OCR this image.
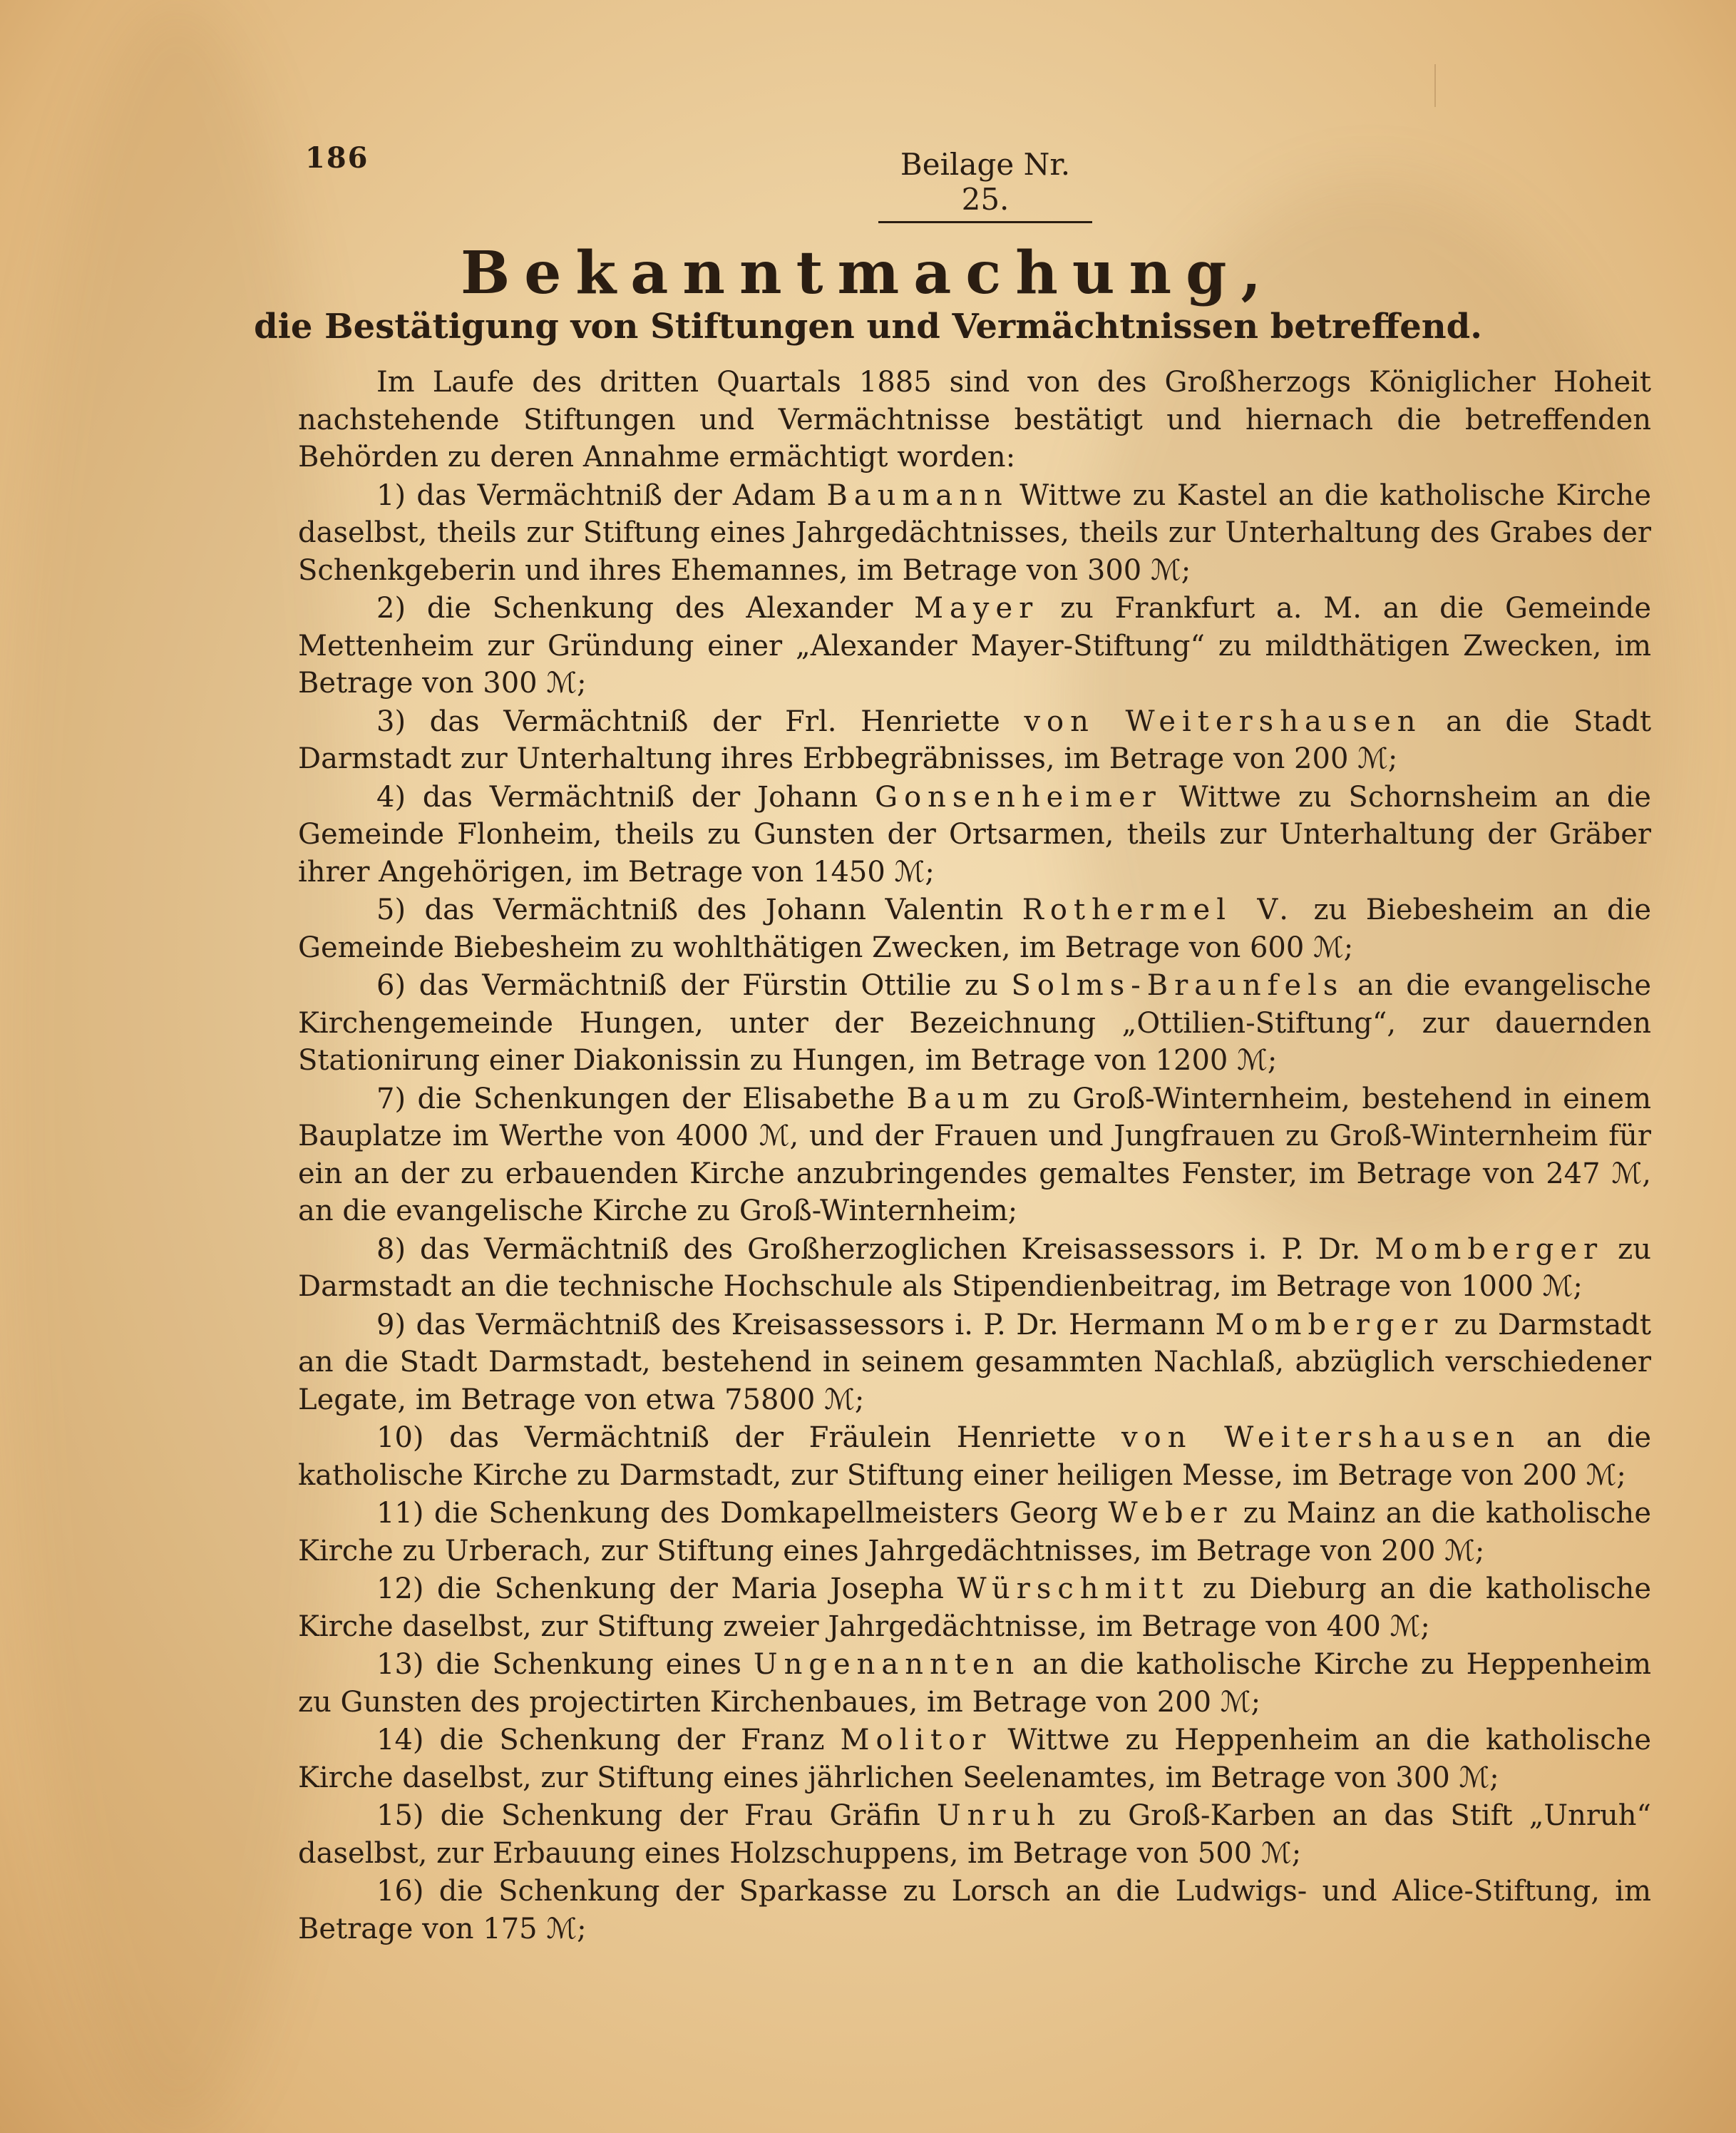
186	Beilage Nr. 25.
Bekanntmachung,
die Bestätigung von Stiftungen und Vermächtnissen betreffend.

Im Laufe des dritten Quartals 1885 sind von des Großherzogs Königlicher Hoheit nachstehende Stiftungen und Vermächtnisse bestätigt und hiernach die betreffenden Behörden zu deren Annahme ermächtigt worden:

1) das Vermächtniß der Adam Baumann Wittwe zu Kastel an die katholische Kirche daselbst, theils zur Stiftung eines Jahrgedächtnisses, theils zur Unterhaltung des Grabes der Schenkgeberin und ihres Ehemannes, im Betrage von 300 ℳ;

2) die Schenkung des Alexander Mayer zu Frankfurt a. M. an die Gemeinde Mettenheim zur Gründung einer „Alexander Mayer-Stiftung“ zu mildthätigen Zwecken, im Betrage von 300 ℳ;

3) das Vermächtniß der Frl. Henriette von Weitershausen an die Stadt Darmstadt zur Unterhaltung ihres Erbbegräbnisses, im Betrage von 200 ℳ;

4) das Vermächtniß der Johann Gonsenheimer Wittwe zu Schornsheim an die Gemeinde Flonheim, theils zu Gunsten der Ortsarmen, theils zur Unterhaltung der Gräber ihrer Angehörigen, im Betrage von 1450 ℳ;

5) das Vermächtniß des Johann Valentin Rothermel V. zu Biebesheim an die Gemeinde Biebesheim zu wohlthätigen Zwecken, im Betrage von 600 ℳ;

6) das Vermächtniß der Fürstin Ottilie zu Solms-Braunfels an die evangelische Kirchengemeinde Hungen, unter der Bezeichnung „Ottilien-Stiftung“, zur dauernden Stationirung einer Diakonissin zu Hungen, im Betrage von 1200 ℳ;

7) die Schenkungen der Elisabethe Baum zu Groß-Winternheim, bestehend in einem Bauplatze im Werthe von 4000 ℳ, und der Frauen und Jungfrauen zu Groß-Winternheim für ein an der zu erbauenden Kirche anzubringendes gemaltes Fenster, im Betrage von 247 ℳ, an die evangelische Kirche zu Groß-Winternheim;

8) das Vermächtniß des Großherzoglichen Kreisassessors i. P. Dr. Momberger zu Darmstadt an die technische Hochschule als Stipendienbeitrag, im Betrage von 1000 ℳ;

9) das Vermächtniß des Kreisassessors i. P. Dr. Hermann Momberger zu Darmstadt an die Stadt Darmstadt, bestehend in seinem gesammten Nachlaß, abzüglich verschiedener Legate, im Betrage von etwa 75800 ℳ;

10) das Vermächtniß der Fräulein Henriette von Weitershausen an die katholische Kirche zu Darmstadt, zur Stiftung einer heiligen Messe, im Betrage von 200 ℳ;

11) die Schenkung des Domkapellmeisters Georg Weber zu Mainz an die katholische Kirche zu Urberach, zur Stiftung eines Jahrgedächtnisses, im Betrage von 200 ℳ;

12) die Schenkung der Maria Josepha Würschmitt zu Dieburg an die katholische Kirche daselbst, zur Stiftung zweier Jahrgedächtnisse, im Betrage von 400 ℳ;

13) die Schenkung eines Ungenannten an die katholische Kirche zu Heppenheim zu Gunsten des projectirten Kirchenbaues, im Betrage von 200 ℳ;

14) die Schenkung der Franz Molitor Wittwe zu Heppenheim an die katholische Kirche daselbst, zur Stiftung eines jährlichen Seelenamtes, im Betrage von 300 ℳ;

15) die Schenkung der Frau Gräfin Unruh zu Groß-Karben an das Stift „Unruh“ daselbst, zur Erbauung eines Holzschuppens, im Betrage von 500 ℳ;

16) die Schenkung der Sparkasse zu Lorsch an die Ludwigs- und Alice-Stiftung, im Betrage von 175 ℳ;
